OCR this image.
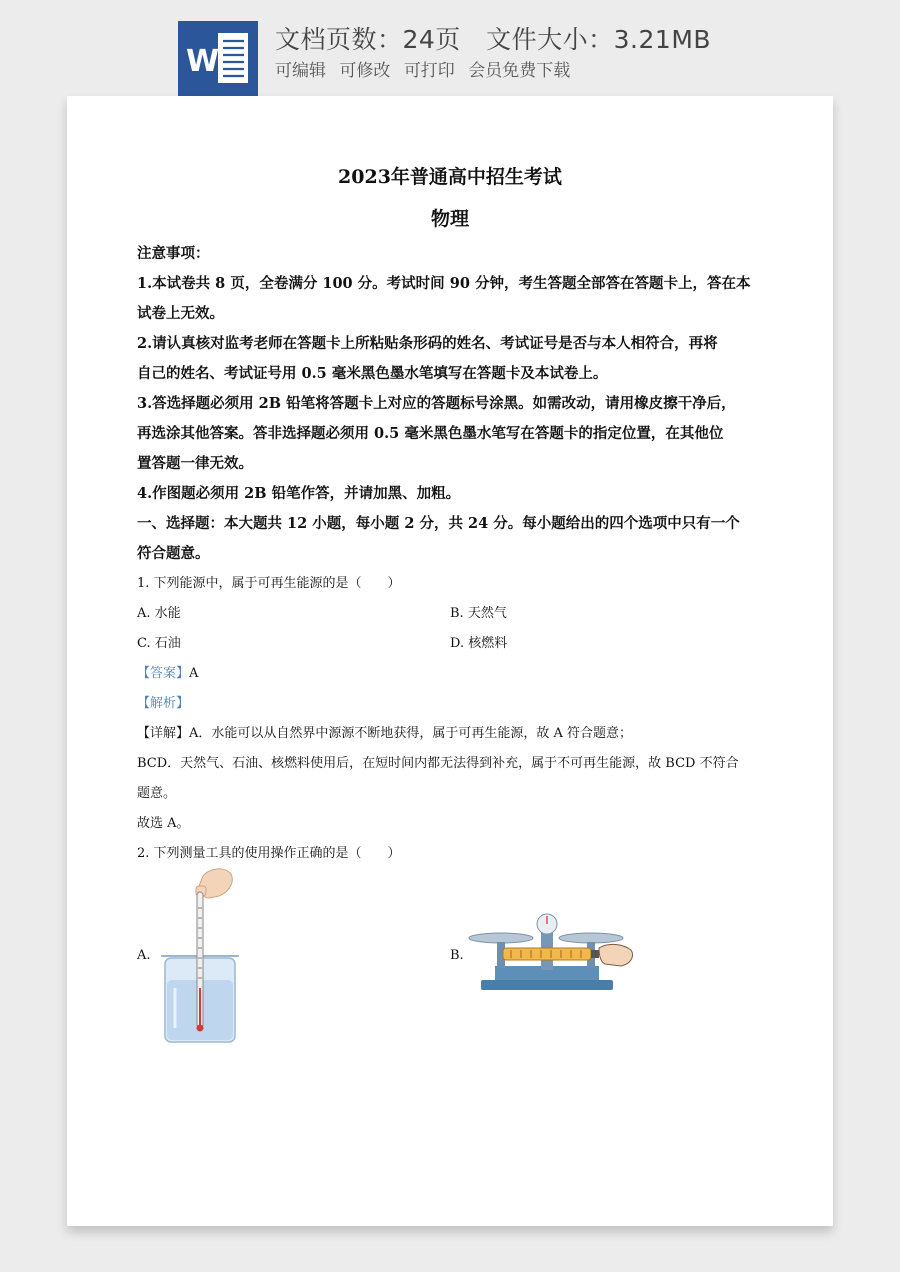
W
文档页数：24页   文件大小：3.21MB
可编辑 可修改 可打印 会员免费下载
2023年普通高中招生考试
物理
注意事项：
1.本试卷共 8 页，全卷满分 100 分。考试时间 90 分钟，考生答题全部答在答题卡上，答在本
试卷上无效。
2.请认真核对监考老师在答题卡上所粘贴条形码的姓名、考试证号是否与本人相符合，再将
自己的姓名、考试证号用 0.5 毫米黑色墨水笔填写在答题卡及本试卷上。
3.答选择题必须用 2B 铅笔将答题卡上对应的答题标号涂黑。如需改动，请用橡皮擦干净后，
再选涂其他答案。答非选择题必须用 0.5 毫米黑色墨水笔写在答题卡的指定位置，在其他位
置答题一律无效。
4.作图题必须用 2B 铅笔作答，并请加黑、加粗。
一、选择题：本大题共 12 小题，每小题 2 分，共 24 分。每小题给出的四个选项中只有一个
符合题意。
1. 下列能源中，属于可再生能源的是（　　）
A. 水能	B. 天然气
C. 石油	D. 核燃料
【答案】A
【解析】
【详解】A．水能可以从自然界中源源不断地获得，属于可再生能源，故 A 符合题意；
BCD．天然气、石油、核燃料使用后，在短时间内都无法得到补充，属于不可再生能源，故 BCD 不符合
题意。
故选 A。
2. 下列测量工具的使用操作正确的是（　　）
A.	B.
